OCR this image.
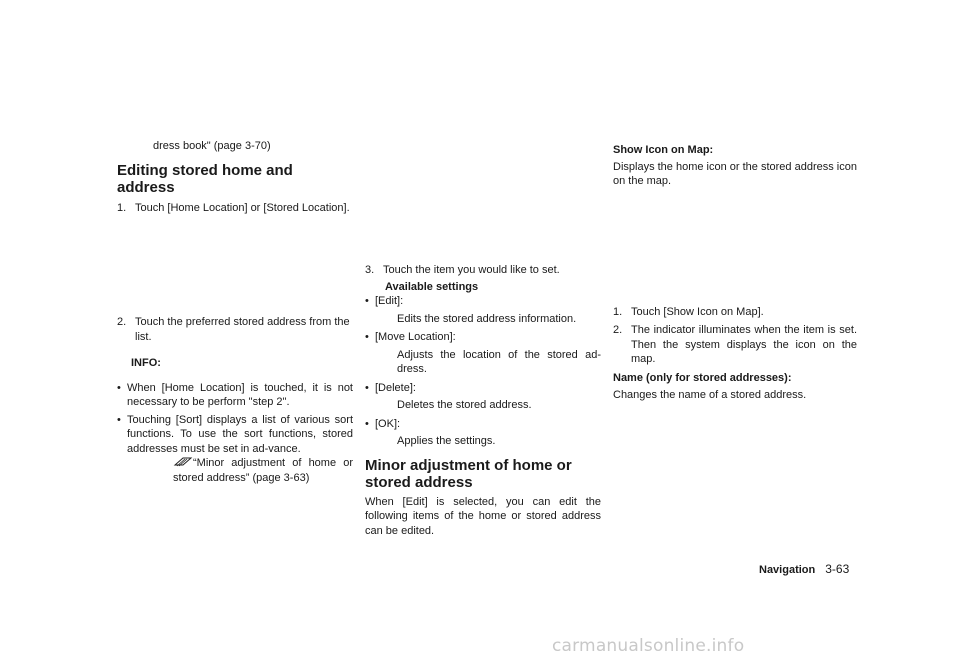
dress book" (page 3-70)

Editing stored home and address
1. Touch [Home Location] or [Stored Location].
2. Touch the preferred stored address from the list.

INFO:

• When [Home Location] is touched, it is not necessary to be perform "step 2".
• Touching [Sort] displays a list of various sort functions. To use the sort functions, stored addresses must be set in ad-vance.
“Minor adjustment of home or stored address” (page 3-63)
3. Touch the item you would like to set.

Available settings

• [Edit]:

Edits the stored address information.

• [Move Location]:

Adjusts the location of the stored ad-dress.

• [Delete]:

Deletes the stored address.

• [OK]:

Applies the settings.

Minor adjustment of home or stored address

When [Edit] is selected, you can edit the following items of the home or stored address can be edited.

Show Icon on Map:

Displays the home icon or the stored address icon on the map.

1. Touch [Show Icon on Map].
2. The indicator illuminates when the item is set. Then the system displays the icon on the map.

Name (only for stored addresses):

Changes the name of a stored address.

Navigation 3-63
carmanualsonline.info
